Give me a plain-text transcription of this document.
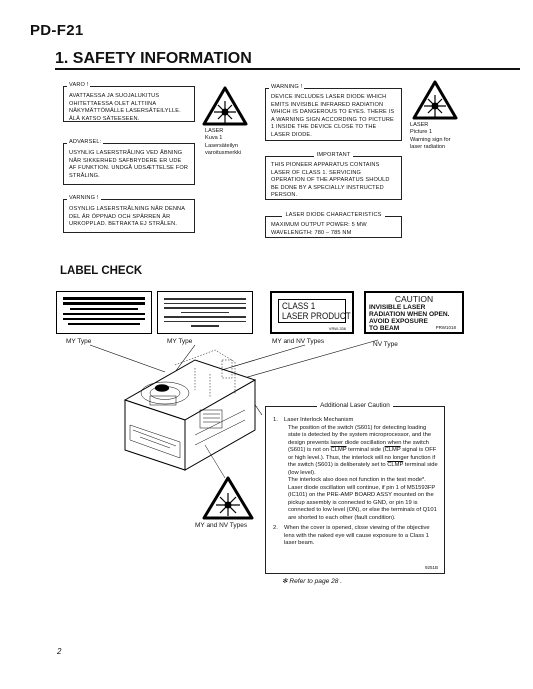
PD-F21
1. SAFETY INFORMATION
VARO !
AVATTAESSA JA SUOJALUKITUS OHITETTAESSA OLET ALTTIINA NÄKYMÄTTÖMÄLLE LASERSÄTEILYLLE. ÄLÄ KATSO SÄTEESEEN.
ADVARSEL:
USYNLIG LASERSTRÅLING VED ÅBNING NÅR SIKKERHED SAFBRYDERE ER UDE AF FUNKTION. UNDGÅ UDSÆTTELSE FOR STRÅLING.
VARNING !
OSYNLIG LASERSTRÅLNING NÄR DENNA DEL ÄR ÖPPNAD OCH SPÄRREN ÄR URKOPPLAD. BETRAKTA EJ STRÅLEN.
LASER
Kuva 1
Lasersäteilyn
varoitusmerkki
WARNING !
DEVICE INCLUDES LASER DIODE WHICH EMITS INVISIBLE INFRARED RADIATION WHICH IS DANGEROUS TO EYES. THERE IS A WARNING SIGN ACCORDING TO PICTURE 1 INSIDE THE DEVICE CLOSE TO THE LASER DIODE.
IMPORTANT
THIS PIONEER APPARATUS CONTAINS LASER OF CLASS 1. SERVICING OPERATION OF THE APPARATUS SHOULD BE DONE BY A SPECIALLY INSTRUCTED PERSON.
LASER DIODE CHARACTERISTICS
MAXIMUM OUTPUT POWER: 5 MW
WAVELENGTH: 780 – 785 NM
LASER
Picture 1
Warning sign for
laser radiation
LABEL CHECK
CLASS 1
LASER PRODUCT
VRW-336
CAUTION
INVISIBLE LASER
RADIATION WHEN OPEN.
AVOID EXPOSURE
TO BEAM	PRW1018
MY Type	MY Type	MY and NV Types	NV Type
MY and NV Types
Additional Laser Caution
1. Laser Interlock Mechanism
The position of the switch (S601) for detecting loading state is detected by the system microprocessor, and the design prevents laser diode oscillation when the switch (S601) is not on CLMP terminal side (CLMP signal is OFF or high level.). Thus, the interlock will no longer function if the switch (S601) is deliberately set to CLMP terminal side (low level).
The interlock also does not function in the test mode*.
Laser diode oscillation will continue, if pin 1 of M51593FP (IC101) on the PRE-AMP BOARD ASSY mounted on the pickup assembly is connected to GND, or pin 19 is connected to low level (ON), or else the terminals of Q101 are shorted to each other (fault condition).
2. When the cover is opened, close viewing of the objective lens with the naked eye will cause exposure to a Class 1 laser beam.
9251B
✻ Refer to page 28 .
2
